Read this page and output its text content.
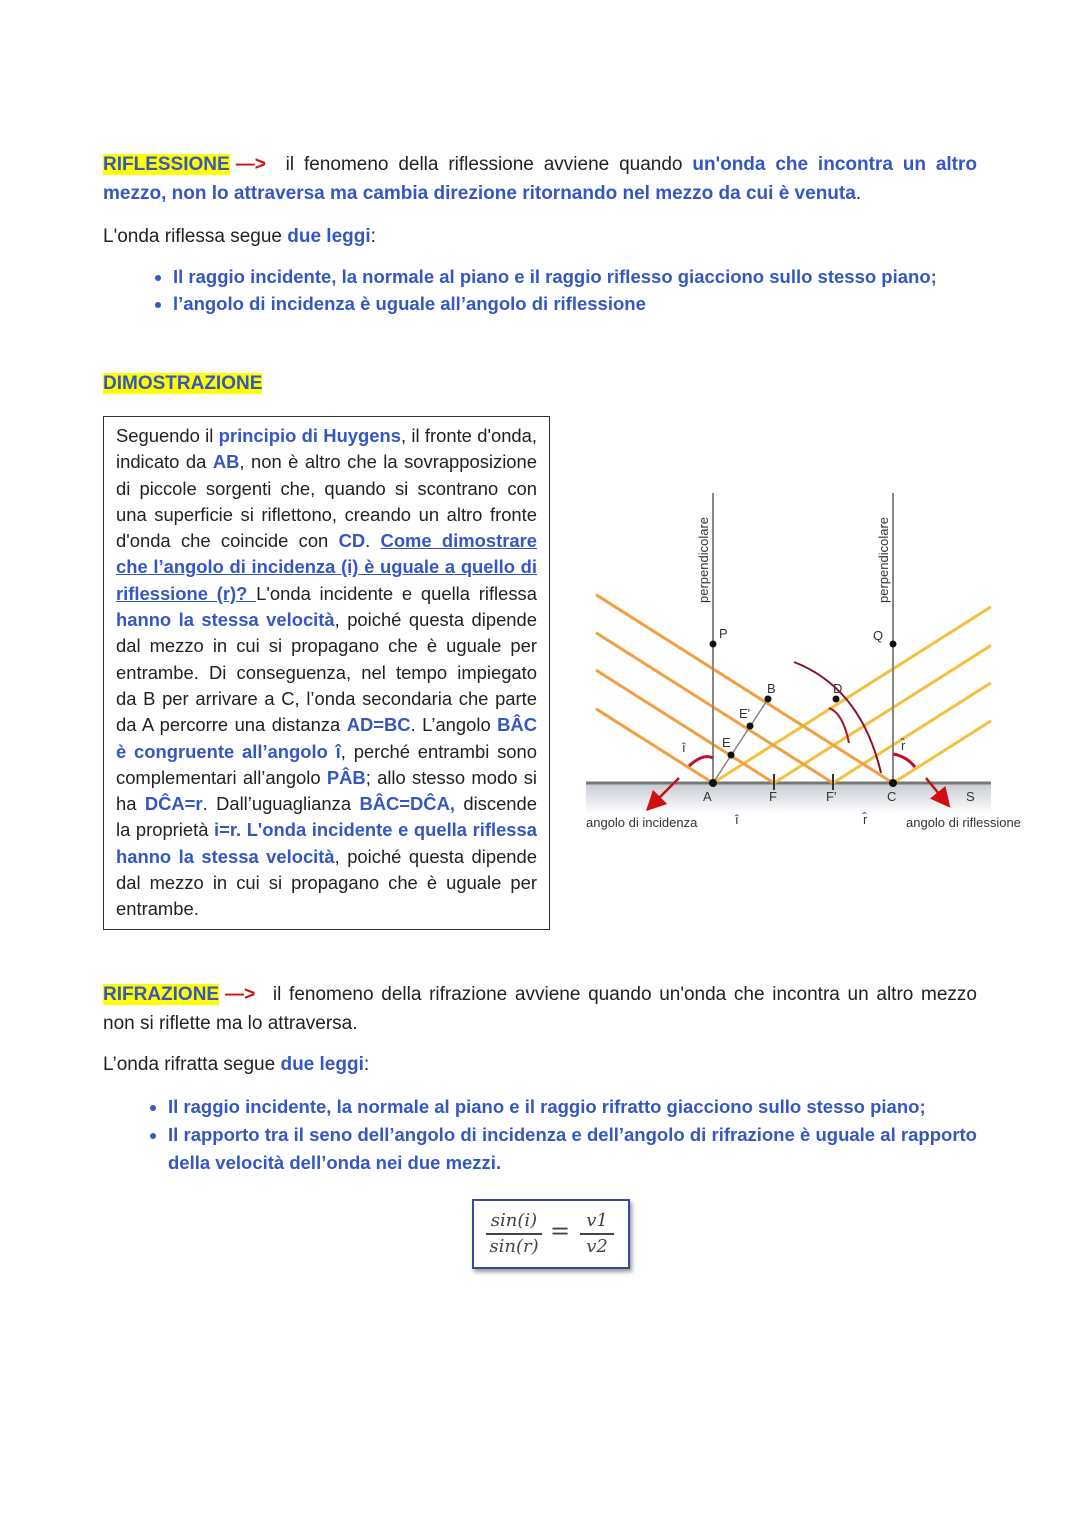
RIFLESSIONE —> il fenomeno della riflessione avviene quando un'onda che incontra un altro mezzo, non lo attraversa ma cambia direzione ritornando nel mezzo da cui è venuta.
L'onda riflessa segue due leggi:
• Il raggio incidente, la normale al piano e il raggio riflesso giacciono sullo stesso piano;
• l’angolo di incidenza è uguale all’angolo di riflessione
DIMOSTRAZIONE
Seguendo il principio di Huygens, il fronte d'onda, indicato da AB, non è altro che la sovrapposizione di piccole sorgenti che, quando si scontrano con una superficie si riflettono, creando un altro fronte d'onda che coincide con CD. Come dimostrare che l’angolo di incidenza (i) è uguale a quello di riflessione (r)? L'onda incidente e quella riflessa hanno la stessa velocità, poiché questa dipende dal mezzo in cui si propagano che è uguale per entrambe. Di conseguenza, nel tempo impiegato da B per arrivare a C, l’onda secondaria che parte da A percorre una distanza AD=BC. L’angolo BÂC è congruente all’angolo î, perché entrambi sono complementari all’angolo PÂB; allo stesso modo si ha DĈA=r. Dall’uguaglianza BÂC=DĈA, discende la proprietà i=r. L'onda incidente e quella riflessa hanno la stessa velocità, poiché questa dipende dal mezzo in cui si propagano che è uguale per entrambe.
perpendicolare	perpendicolare
P	Q
B	D
E'
E
î	r̂
A	F	F'	C	S
î	r̂
angolo di incidenza	angolo di riflessione
RIFRAZIONE —> il fenomeno della rifrazione avviene quando un'onda che incontra un altro mezzo non si riflette ma lo attraversa.
L’onda rifratta segue due leggi:
• Il raggio incidente, la normale al piano e il raggio rifratto giacciono sullo stesso piano;
• Il rapporto tra il seno dell’angolo di incidenza e dell’angolo di rifrazione è uguale al rapporto della velocità dell’onda nei due mezzi.
$\frac{\sin(i)}{\sin(r)} = \frac{v1}{v2}$
